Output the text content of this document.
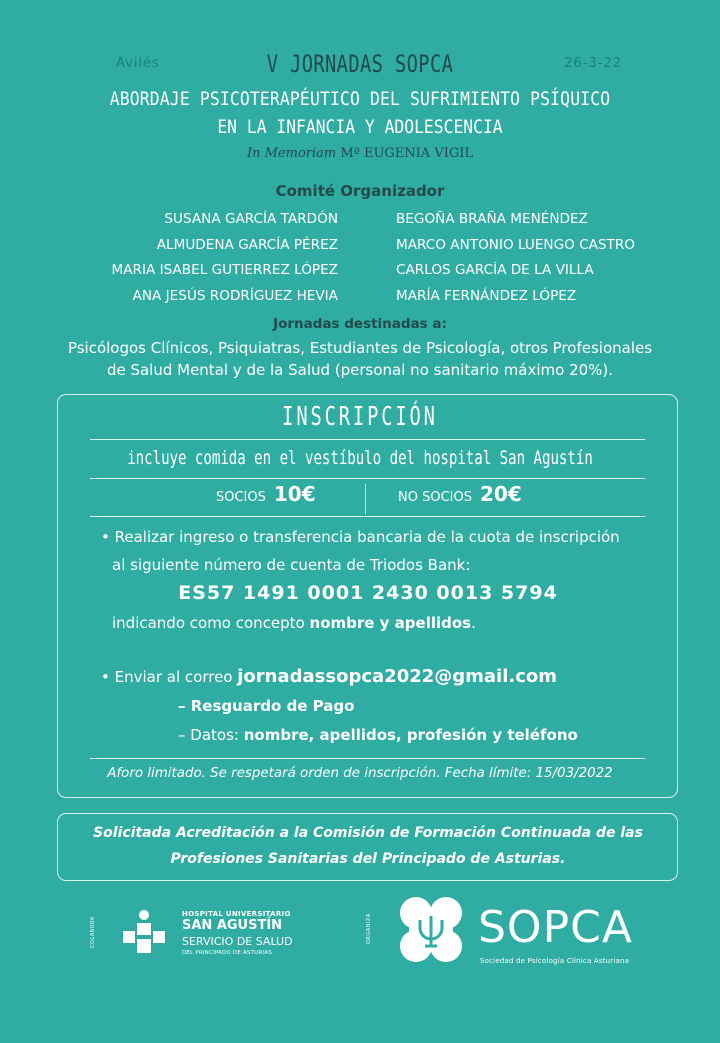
Avilés	26-3-22
V JORNADAS SOPCA
ABORDAJE PSICOTERAPÉUTICO DEL SUFRIMIENTO PSÍQUICO
EN LA INFANCIA Y ADOLESCENCIA
In Memoriam Mª EUGENIA VIGIL
Comité Organizador
SUSANA GARCÍA TARDÓN
ALMUDENA GARCÍA PÉREZ
MARIA ISABEL GUTIERREZ LÓPEZ
ANA JESÚS RODRÍGUEZ HEVIA
BEGOÑA BRAÑA MENÉNDEZ
MARCO ANTONIO LUENGO CASTRO
CARLOS GARCÍA DE LA VILLA
MARÍA FERNÁNDEZ LÓPEZ
Jornadas destinadas a:
Psicólogos Clínicos, Psiquiatras, Estudiantes de Psicología, otros Profesionales
de Salud Mental y de la Salud (personal no sanitario máximo 20%).
INSCRIPCIÓN
incluye comida en el vestíbulo del hospital San Agustín
SOCIOS 10€	NO SOCIOS 20€
• Realizar ingreso o transferencia bancaria de la cuota de inscripción
al siguiente número de cuenta de Triodos Bank:
ES57 1491 0001 2430 0013 5794
indicando como concepto nombre y apellidos.
• Enviar al correo jornadassopca2022@gmail.com
– Resguardo de Pago
– Datos: nombre, apellidos, profesión y teléfono
Aforo limitado. Se respetará orden de inscripción. Fecha límite: 15/03/2022
Solicitada Acreditación a la Comisión de Formación Continuada de las
Profesiones Sanitarias del Principado de Asturias.
COLABORA
HOSPITAL UNIVERSITARIO
SAN AGUSTÍN
SERVICIO DE SALUD
DEL PRINCIPADO DE ASTURIAS
ORGANIZA SOPCA
Sociedad de Psicología Clínica Asturiana
